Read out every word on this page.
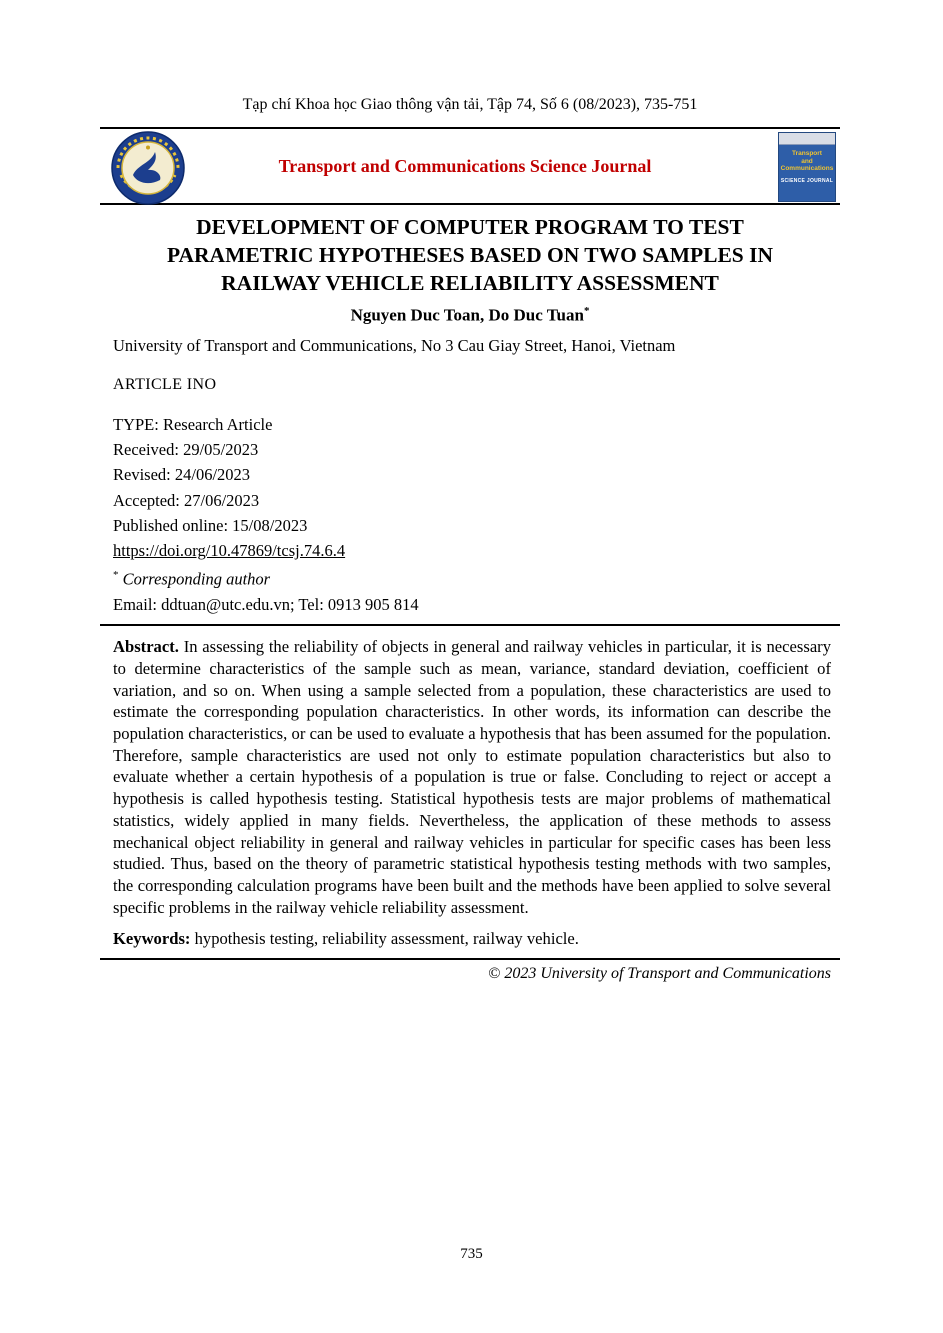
Tạp chí Khoa học Giao thông vận tải, Tập 74, Số 6 (08/2023), 735-751
Transport and Communications Science Journal
Transport
and
Communications
SCIENCE JOURNAL
DEVELOPMENT OF COMPUTER PROGRAM TO TEST
PARAMETRIC HYPOTHESES BASED ON TWO SAMPLES IN
RAILWAY VEHICLE RELIABILITY ASSESSMENT
Nguyen Duc Toan, Do Duc Tuan*
University of Transport and Communications, No 3 Cau Giay Street, Hanoi, Vietnam
ARTICLE INO

TYPE: Research Article

Received: 29/05/2023

Revised: 24/06/2023

Accepted: 27/06/2023

Published online: 15/08/2023

https://doi.org/10.47869/tcsj.74.6.4

* Corresponding author

Email: ddtuan@utc.edu.vn; Tel: 0913 905 814

Abstract. In assessing the reliability of objects in general and railway vehicles in particular, it is necessary to determine characteristics of the sample such as mean, variance, standard deviation, coefficient of variation, and so on. When using a sample selected from a population, these characteristics are used to estimate the corresponding population characteristics. In other words, its information can describe the population characteristics, or can be used to evaluate a hypothesis that has been assumed for the population. Therefore, sample characteristics are used not only to estimate population characteristics but also to evaluate whether a certain hypothesis of a population is true or false. Concluding to reject or accept a hypothesis is called hypothesis testing. Statistical hypothesis tests are major problems of mathematical statistics, widely applied in many fields. Nevertheless, the application of these methods to assess mechanical object reliability in general and railway vehicles in particular for specific cases has been less studied. Thus, based on the theory of parametric statistical hypothesis testing methods with two samples, the corresponding calculation programs have been built and the methods have been applied to solve several specific problems in the railway vehicle reliability assessment.

Keywords: hypothesis testing, reliability assessment, railway vehicle.

© 2023 University of Transport and Communications
735
